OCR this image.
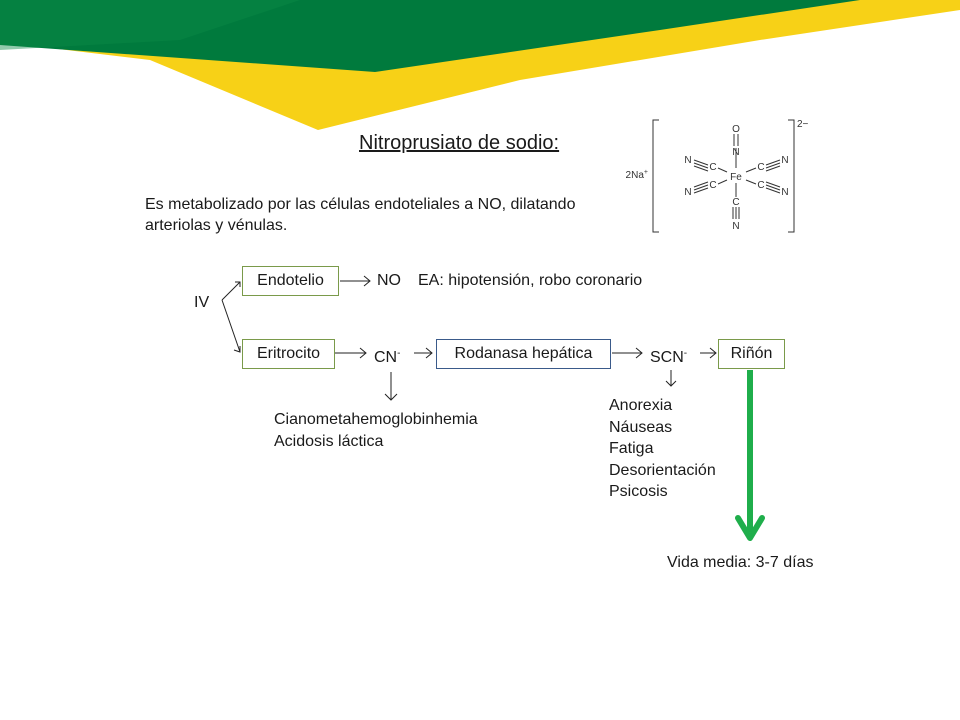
2Na+
2−
O
N
Fe
C
N
C
N
C
N
C
N
C
N
Nitroprusiato de sodio:
Es metabolizado por las células endoteliales a NO, dilatando
arteriolas y vénulas.
IV
Endotelio	NO EA: hipotensión, robo coronario
Eritrocito	CN-	Rodanasa hepática	SCN-	Riñón
Cianometahemoglobinhemia
Acidosis láctica
Anorexia
Náuseas
Fatiga
Desorientación
Psicosis
Vida media: 3-7 días
